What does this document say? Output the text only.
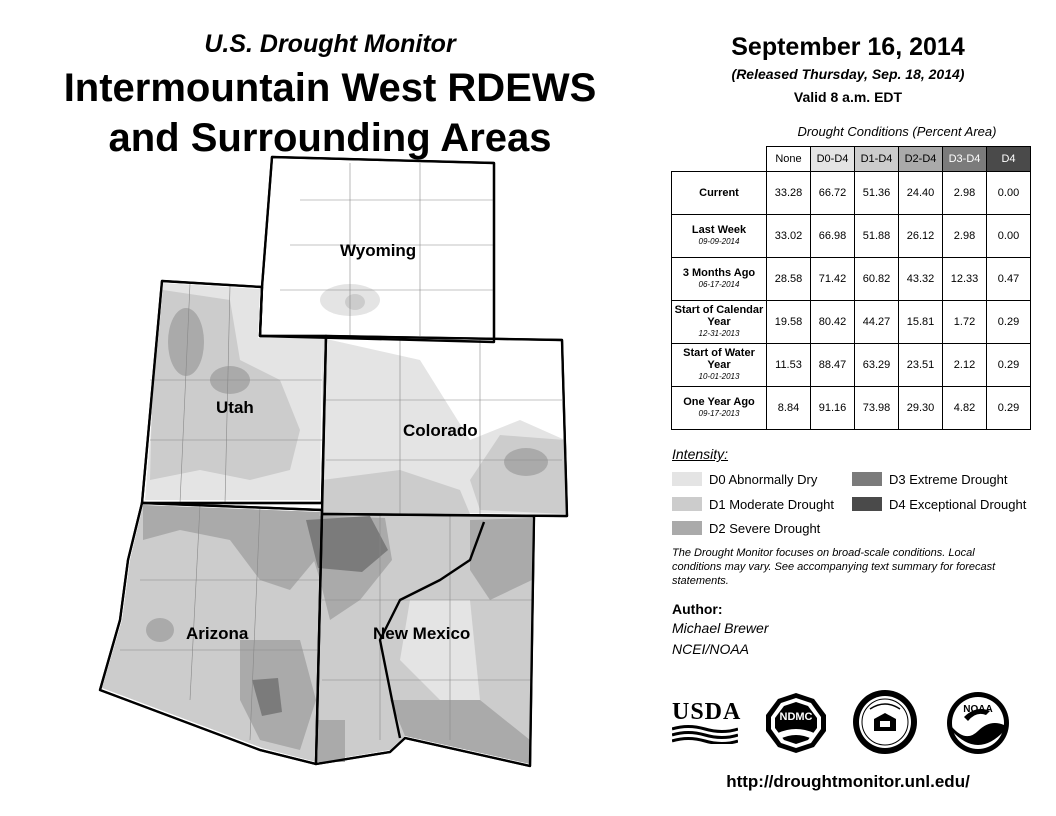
U.S. Drought Monitor
Intermountain West RDEWS
and Surrounding Areas
Wyoming
Utah
Colorado
Arizona	New Mexico
September 16, 2014
(Released Thursday, Sep. 18, 2014)
Valid 8 a.m. EDT
Drought Conditions (Percent Area)
	None	D0-D4	D1-D4	D2-D4	D3-D4	D4
Current	33.28	66.72	51.36	24.40	2.98	0.00
Last Week
09-09-2014	33.02	66.98	51.88	26.12	2.98	0.00
3 Months Ago
06-17-2014	28.58	71.42	60.82	43.32	12.33	0.47
Start of Calendar Year
12-31-2013	19.58	80.42	44.27	15.81	1.72	0.29
Start of Water Year
10-01-2013	11.53	88.47	63.29	23.51	2.12	0.29
One Year Ago
09-17-2013	8.84	91.16	73.98	29.30	4.82	0.29
Intensity:
D0 Abnormally Dry
D1 Moderate Drought
D2 Severe Drought
D3 Extreme Drought
D4 Exceptional Drought
The Drought Monitor focuses on broad-scale conditions. Local conditions may vary. See accompanying text summary for forecast statements.
Author:
Michael Brewer
NCEI/NOAA
USDA	NDMC
NOAA
http://droughtmonitor.unl.edu/
